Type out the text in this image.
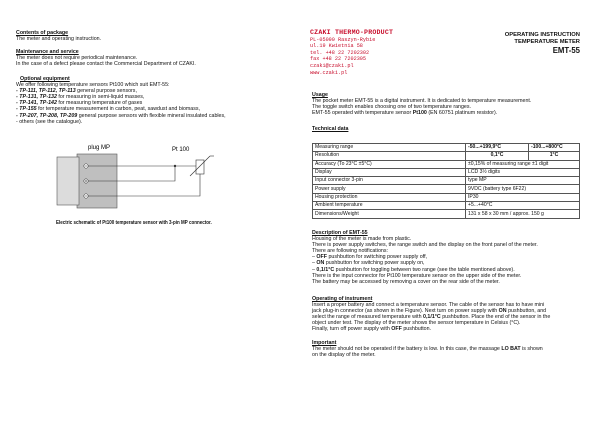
Contents of package
The meter and operating instruction.
Maintenance and service
The meter does not require periodical maintenance.
In the case of a defect please contact the Commercial Department of CZAKI.
Optional equipment
We offer following temperature sensors Pt100 which suit EMT-55:
- TP-111, TP-112, TP-113 general purpose sensors,
- TP-131, TP-132 for measuring in semi-liquid masses,
- TP-141, TP-142 for measuring temperature of gases
- TP-155 for temperature measurement in carbon, peat, sawdust and biomass,
- TP-207, TP-208, TP-209 general purpose sensors with flexible mineral insulated cables,
- others (see the catalogue).
plug MP	Pt 100
Electric schematic of Pt100 temperature sensor with 3-pin MP connector.
CZAKI THERMO-PRODUCT
PL-05090 Raszyn-Rybie
ul.19 Kwietnia 58
tel. +48 22 7202302
fax +48 22 7202305
czaki@czaki.pl
www.czaki.pl
OPERATING INSTRUCTION
TEMPERATURE METER
EMT-55
Usage
The pocket meter EMT-55 is a digital instrument. It is dedicated to temperature measurement.
The toggle switch enables choosing one of two temperature ranges.
EMT-55 operated with temperature sensor Pt100 (EN 60751 platinum resistor).
Technical data
Measuring range	-50...+199,9°C	-100...+800°C
Resolution	0,1°C	1°C
Accuracy (To 23°C ±5°C)	±0,15% of measuring range ±1 digit	
Display	LCD 3½ digits	
Input connector 3-pin	type MP	
Power supply	9VDC (battery type 6F22)	
Housing protection	IP30	
Ambient temperature	+5...+40°C	
Dimensions/Weight	131 x 58 x 30 mm / approx. 150 g	
Description of EMT-55
Housing of the meter is made from plastic.
There is power supply switches, the range switch and the display on the front panel of the meter.
There are following notifications:
– OFF pushbutton for switching power supply off,
– ON pushbutton for switching power supply on,
– 0,1/1°C pushbutton for toggling between two range (see the table mentioned above).
There is the input connector for Pt100 temperature sensor on the upper side of the meter.
The battery may be accessed by removing a cover on the rear side of the meter.
Operating of instrument
Insert a proper battery and connect a temperature sensor. The cable of the sensor has to have mini
jack plug-in connector (as shown in the Figure). Next turn on power supply with ON pushbutton, and
select the range of measured temperature with 0,1/1°C pushbutton. Place the end of the sensor in the
object under test. The display of the meter shows the sensor temperature in Celsius (°C).
Finally, turn off power supply with OFF pushbutton.
Important
The meter should not be operated if the battery is low. In this case, the massage LO BAT is shown
on the display of the meter.
